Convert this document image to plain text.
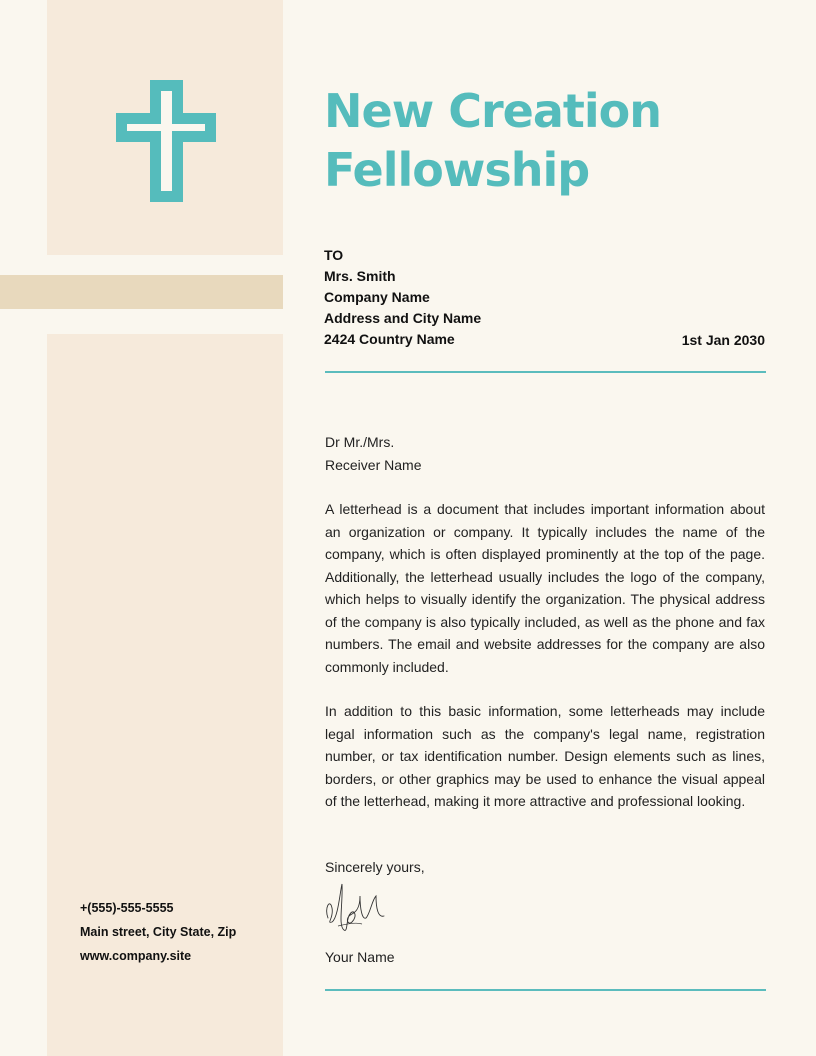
New Creation
Fellowship
TO
Mrs. Smith
Company Name
Address and City Name
2424 Country Name	1st Jan 2030

Dr Mr./Mrs.

Receiver Name

A letterhead is a document that includes important information about an organization or company. It typically includes the name of the company, which is often displayed prominently at the top of the page. Additionally, the letterhead usually includes the logo of the company, which helps to visually identify the organization. The physical address of the company is also typically included, as well as the phone and fax numbers. The email and website addresses for the company are also commonly included.

In addition to this basic information, some letterheads may include legal information such as the company's legal name, registration number, or tax identification number. Design elements such as lines, borders, or other graphics may be used to enhance the visual appeal of the letterhead, making it more attractive and professional looking.

Sincerely yours,
Your Name
+(555)-555-5555
Main street, City State, Zip
www.company.site
